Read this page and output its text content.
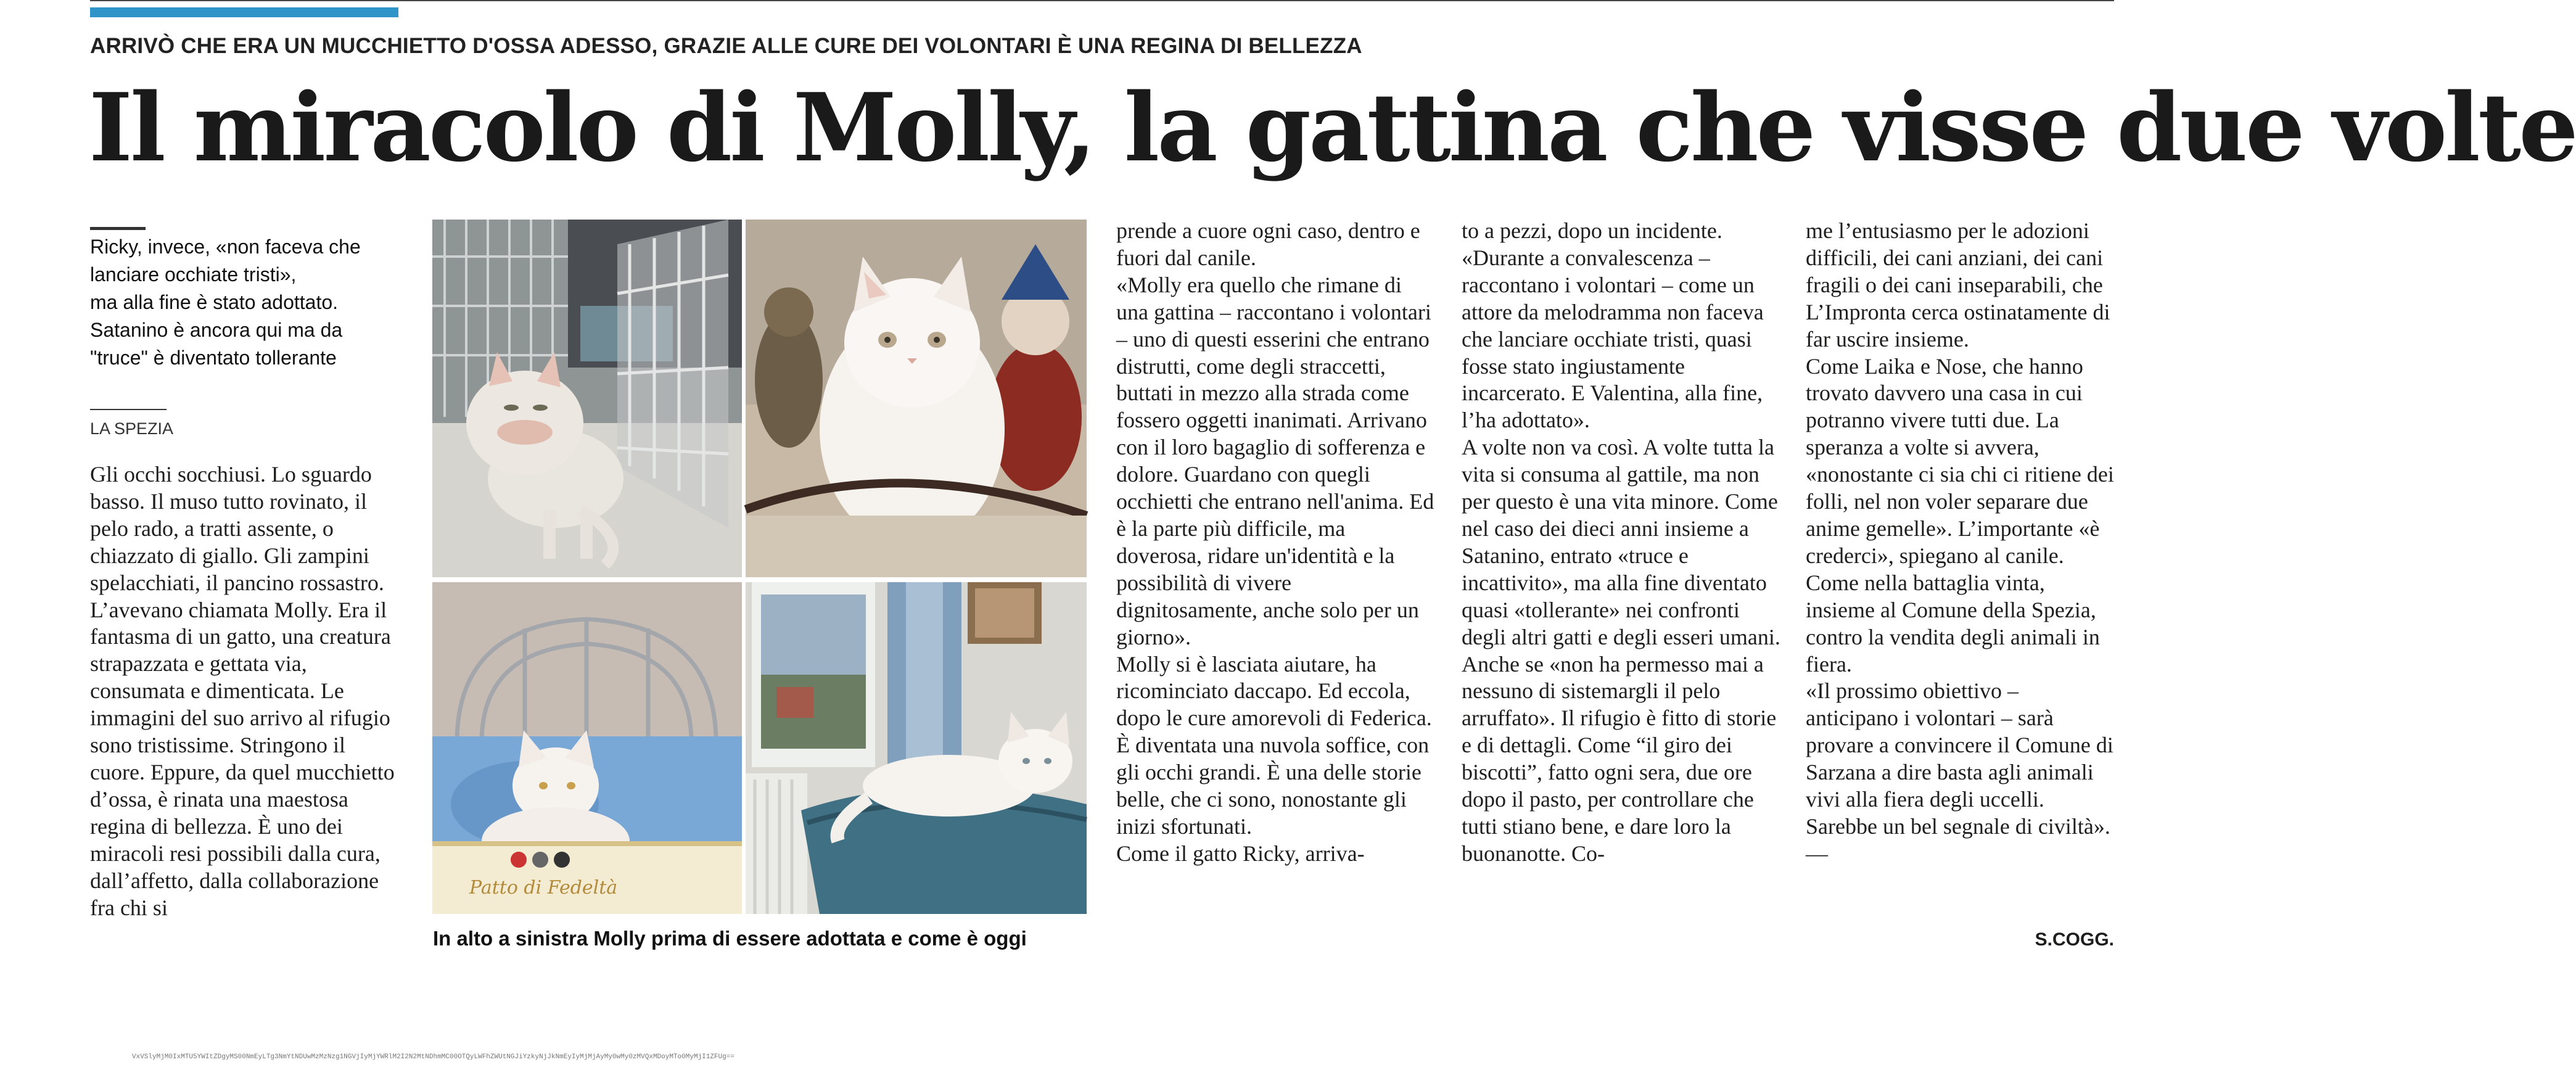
ARRIVÒ CHE ERA UN MUCCHIETTO D'OSSA ADESSO, GRAZIE ALLE CURE DEI VOLONTARI È UNA REGINA DI BELLEZZA
Il miracolo di Molly, la gattina che visse due volte
Ricky, invece, «non faceva che
lanciare occhiate tristi»,
ma alla fine è stato adottato.
Satanino è ancora qui ma da
"truce" è diventato tollerante
LA SPEZIA
Gli occhi socchiusi. Lo sguardo basso. Il muso tutto rovinato, il pelo rado, a tratti assente, o chiazzato di giallo. Gli zampini spelacchiati, il pancino rossastro. L’avevano chiamata Molly. Era il fantasma di un gatto, una creatura strapazzata e gettata via, consumata e dimenticata. Le immagini del suo arrivo al rifugio sono tristissime. Stringono il cuore. Eppure, da quel mucchietto d’ossa, è rinata una maestosa regina di bellezza. È uno dei miracoli resi possibili dalla cura, dall’affetto, dalla collaborazione fra chi si
Patto di Fedeltà
In alto a sinistra Molly prima di essere adottata e come è oggi
prende a cuore ogni caso, dentro e fuori dal canile.
«Molly era quello che rimane di una gattina – raccontano i volontari – uno di questi esserini che entrano distrutti, come degli straccetti, buttati in mezzo alla strada come fossero oggetti inanimati. Arrivano con il loro bagaglio di sofferenza e dolore. Guardano con quegli occhietti che entrano nell'anima. Ed è la parte più difficile, ma doverosa, ridare un'identità e la possibilità di vivere dignitosamente, anche solo per un giorno».
Molly si è lasciata aiutare, ha ricominciato daccapo. Ed eccola, dopo le cure amorevoli di Federica. È diventata una nuvola soffice, con gli occhi grandi. È una delle storie belle, che ci sono, nonostante gli inizi sfortunati.
Come il gatto Ricky, arriva-
to a pezzi, dopo un incidente. «Durante a convalescenza – raccontano i volontari – come un attore da melodramma non faceva che lanciare occhiate tristi, quasi fosse stato ingiustamente incarcerato. E Valentina, alla fine, l’ha adottato».
A volte non va così. A volte tutta la vita si consuma al gattile, ma non per questo è una vita minore. Come nel caso dei dieci anni insieme a Satanino, entrato «truce e incattivito», ma alla fine diventato quasi «tollerante» nei confronti degli altri gatti e degli esseri umani. Anche se «non ha permesso mai a nessuno di sistemargli il pelo arruffato». Il rifugio è fitto di storie e di dettagli. Come “il giro dei biscotti”, fatto ogni sera, due ore dopo il pasto, per controllare che tutti stiano bene, e dare loro la buonanotte. Co-
me l’entusiasmo per le adozioni difficili, dei cani anziani, dei cani fragili o dei cani inseparabili, che L’Impronta cerca ostinatamente di far uscire insieme.
Come Laika e Nose, che hanno trovato davvero una casa in cui potranno vivere tutti due. La speranza a volte si avvera, «nonostante ci sia chi ci ritiene dei folli, nel non voler separare due anime gemelle». L’importante «è crederci», spiegano al canile. Come nella battaglia vinta, insieme al Comune della Spezia, contro la vendita degli animali in fiera.
«Il prossimo obiettivo – anticipano i volontari – sarà provare a convincere il Comune di Sarzana a dire basta agli animali vivi alla fiera degli uccelli. Sarebbe un bel segnale di civiltà». —
S.COGG.
VxVSlyMjM0IxMTU5YWItZDgyMS00NmEyLTg3NmYtNDUwMzMzNzg1NGVjIyMjYWRlM2I2N2MtNDhmMC00OTQyLWFhZWUtNGJiYzkyNjJkNmEyIyMjMjAyMy0wMy0zMVQxMDoyMTo0MyMjI1ZFUg==
